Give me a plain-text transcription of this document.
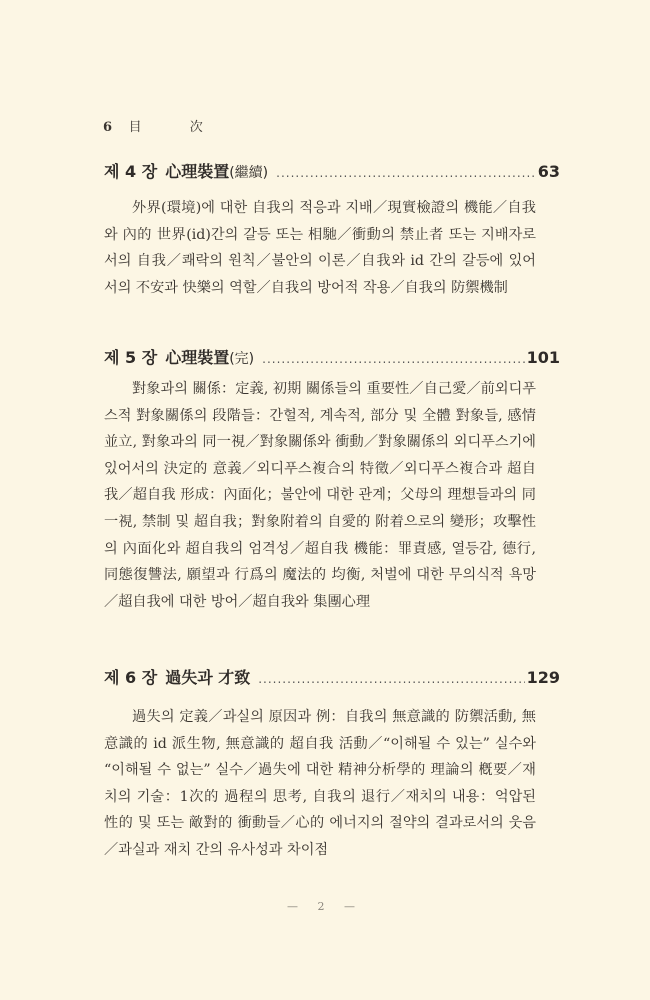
6 目 次
제 4 장 心理裝置 (繼續) .....	63
外界(環境)에 대한 自我의 적응과 지배／現實檢證의 機能／自我와 內的 世界(id)간의 갈등 또는 相馳／衝動의 禁止者 또는 지배자로서의 自我／쾌락의 원칙／불안의 이론／自我와 id 간의 갈등에 있어서의 不安과 快樂의 역할／自我의 방어적 작용／自我의 防禦機制
제 5 장 心理裝置 (完) .....	101
對象과의 關係：定義, 初期 關係들의 重要性／自己愛／前외디푸스적 對象關係의 段階들：간헐적, 계속적, 部分 및 全體 對象들, 感情並立, 對象과의 同一視／對象關係와 衝動／對象關係의 외디푸스기에 있어서의 決定的 意義／외디푸스複合의 特徵／외디푸스複合과 超自我／超自我 形成：內面化；불안에 대한 관계；父母의 理想들과의 同一視, 禁制 및 超自我；對象附着의 自愛的 附着으로의 變形；攻擊性의 內面化와 超自我의 엄격성／超自我 機能：罪責感, 열등감, 德行, 同態復讐法, 願望과 行爲의 魔法的 均衡, 처벌에 대한 무의식적 욕망／超自我에 대한 방어／超自我와 集團心理
제 6 장 過失과 才致 .....	129
過失의 定義／과실의 原因과 例：自我의 無意識的 防禦活動, 無意識的 id 派生物, 無意識的 超自我 活動／“이해될 수 있는” 실수와 “이해될 수 없는” 실수／過失에 대한 精神分析學的 理論의 槪要／재치의 기술：1次的 過程의 思考, 自我의 退行／재치의 내용：억압된 性的 및 또는 敵對的 衝動들／心的 에너지의 절약의 결과로서의 웃음／과실과 재치 간의 유사성과 차이점
— 2 —
